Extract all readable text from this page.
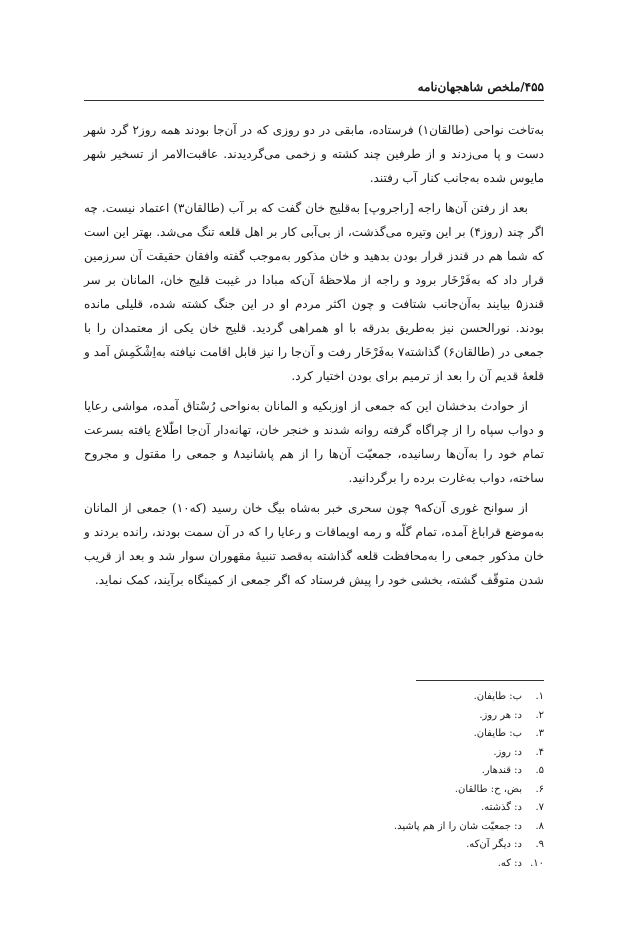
۴۵۵/ملخص شاهجهان‌نامه

به‌تاخت نواحی (طالقان١) فرستاده، مابقی در دو روزی که در آن‌جا بودند همه روز٢ گرد شهر دست و پا می‌زدند و از طرفین چند کشته و زخمی می‌گردیدند. عاقبت‌الامر از تسخیر شهر مایوس شده به‌جانب کنار آب رفتند.

بعد از رفتن آن‌ها راجه [راجروپ] به‌قلیج خان گفت که بر آب (طالقان٣) اعتماد نیست. چه اگر چند (روز۴) بر این وتیره می‌گذشت، از بی‌آبی کار بر اهل قلعه تنگ می‌شد. بهتر این است که شما هم در قندز قرار بودن بدهید و خان مذکور به‌موجب گفته وافقان حقیقت آن سرزمین قرار داد که به‌فَرْخَار برود و راجه از ملاحظهٔ آن‌که مبادا در غیبت قلیج خان، المانان بر سر قندز۵ بیایند به‌آن‌جانب شتافت و چون اکثر مردم او در این جنگ کشته شده، قلیلی مانده بودند. نورالحسن نیز به‌طریق بدرقه با او همراهی گردید. قلیج خان یکی از معتمدان را با جمعی در (طالقان۶) گذاشته٧ به‌فَرْخَار رفت و آن‌جا را نیز قابل اقامت نیافته به‌اِشْکَمِش آمد و قلعهٔ قدیم آن را بعد از ترمیم برای بودن اختیار کرد.

از حوادث بدخشان این که جمعی از اوزبکیه و المانان به‌نواحی رُسْتاق آمده، مواشی رعایا و دواب سپاه را از چراگاه گرفته روانه شدند و خنجر خان، تهانه‌دار آن‌جا اطّلاع یافته بسرعت تمام خود را به‌آن‌ها رسانیده، جمعیّت آن‌ها را از هم پاشانید٨ و جمعی را مقتول و مجروح ساخته، دواب به‌غارت برده را برگردانید.

از سوانح غوری آن‌که٩ چون سحری خبر به‌شاه بیگ خان رسید (که١٠) جمعی از المانان به‌موضع قراباغ آمده، تمام گلّه و رمه اویماقات و رعایا را که در آن سمت بودند، رانده بردند و خان مذکور جمعی را به‌محافظت قلعه گذاشته به‌قصد تنبیهٔ مقهوران سوار شد و بعد از قریب شدن متوقّف گشته، بخشی خود را پیش فرستاد که اگر جمعی از کمینگاه برآیند، کمک نماید.

١.ب: طایفان.
٢.د: هر روز.
٣.ب: طایفان.
۴.د: روز.
۵.د: قندهار.
۶.بض، ح: طالقان.
٧.د: گذشته.
٨.د: جمعیّت شان را از هم پاشید.
٩.د: دیگر آن‌که.
١٠.د: که.
